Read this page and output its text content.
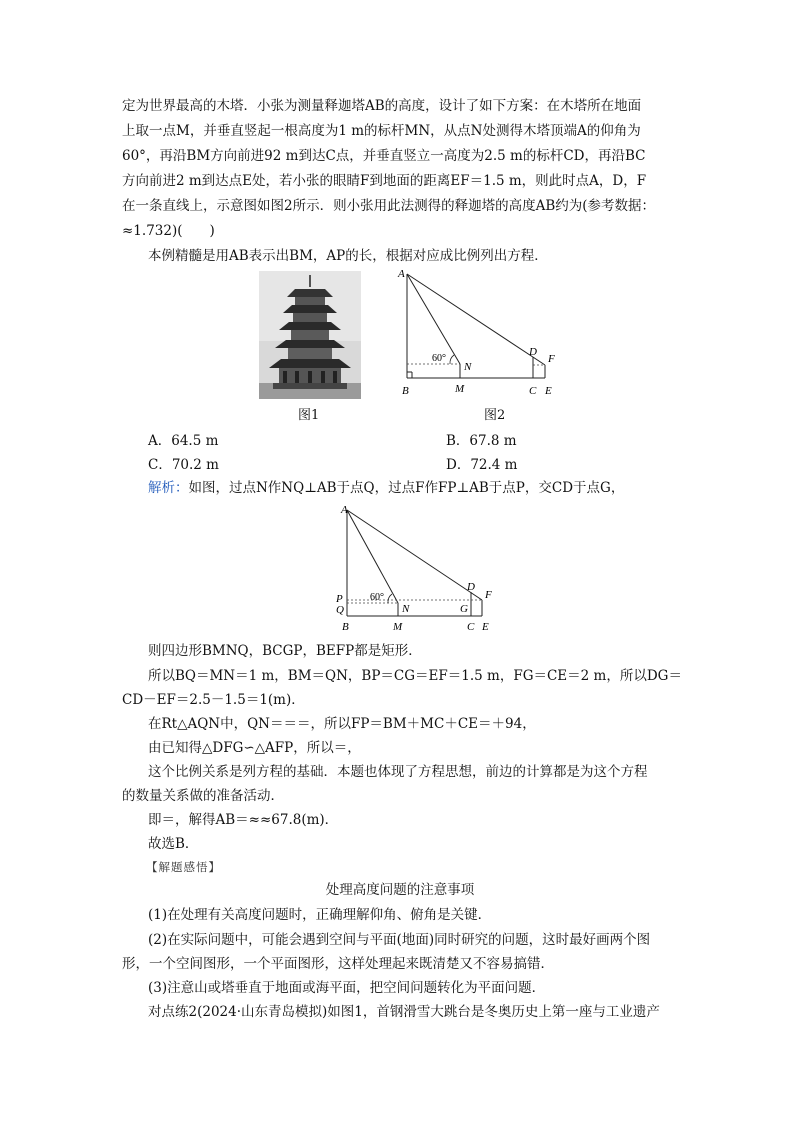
定为世界最高的木塔．小张为测量释迦塔AB的高度，设计了如下方案：在木塔所在地面
上取一点M，并垂直竖起一根高度为1 m的标杆MN，从点N处测得木塔顶端A的仰角为
60°，再沿BM方向前进92 m到达C点，并垂直竖立一高度为2.5 m的标杆CD，再沿BC
方向前进2 m到达点E处，若小张的眼睛F到地面的距离EF＝1.5 m，则此时点A，D，F
在一条直线上，示意图如图2所示．则小张用此法测得的释迦塔的高度AB约为(参考数据：
≈1.732)(　　)
本例精髓是用AB表示出BM，AP的长，根据对应成比例列出方程．
A
B	M
N
C
D
E
F
60°
图1	图2
A．64.5 m	B．67.8 m
C．70.2 m	D．72.4 m
解析：如图，过点N作NQ⊥AB于点Q，过点F作FP⊥AB于点P，交CD于点G，
A
B
P
Q
M
N	G
C
D
E
F
60°
则四边形BMNQ，BCGP，BEFP都是矩形．
所以BQ＝MN＝1 m，BM＝QN，BP＝CG＝EF＝1.5 m，FG＝CE＝2 m，所以DG＝
CD－EF＝2.5－1.5＝1(m)．
在Rt△AQN中，QN＝＝＝，所以FP＝BM＋MC＋CE＝＋94，
由已知得△DFG∽△AFP，所以＝，
这个比例关系是列方程的基础．本题也体现了方程思想，前边的计算都是为这个方程
的数量关系做的准备活动．
即＝，解得AB＝≈≈67.8(m)．
故选B．
【解题感悟】
处理高度问题的注意事项
(1)在处理有关高度问题时，正确理解仰角、俯角是关键．
(2)在实际问题中，可能会遇到空间与平面(地面)同时研究的问题，这时最好画两个图
形，一个空间图形，一个平面图形，这样处理起来既清楚又不容易搞错．
(3)注意山或塔垂直于地面或海平面，把空间问题转化为平面问题．
对点练2(2024·山东青岛模拟)如图1，首钢滑雪大跳台是冬奥历史上第一座与工业遗产
